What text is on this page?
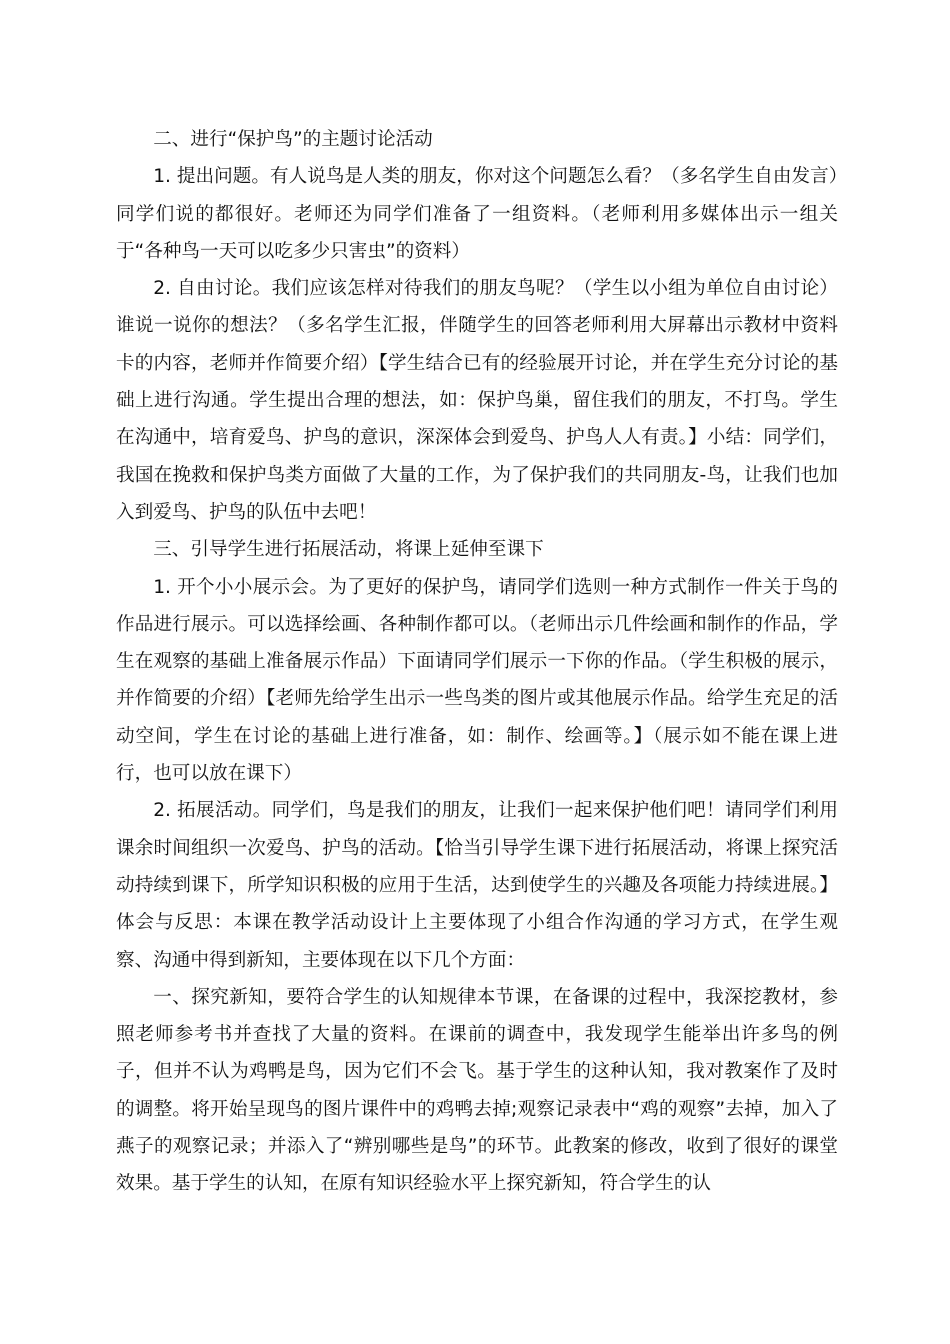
二、进行“保护鸟”的主题讨论活动

1. 提出问题。有人说鸟是人类的朋友，你对这个问题怎么看？（多名学生自由发言）同学们说的都很好。老师还为同学们准备了一组资料。（老师利用多媒体出示一组关于“各种鸟一天可以吃多少只害虫”的资料）

2. 自由讨论。我们应该怎样对待我们的朋友鸟呢？（学生以小组为单位自由讨论）谁说一说你的想法？（多名学生汇报，伴随学生的回答老师利用大屏幕出示教材中资料卡的内容，老师并作简要介绍）【学生结合已有的经验展开讨论，并在学生充分讨论的基础上进行沟通。学生提出合理的想法，如：保护鸟巢，留住我们的朋友，不打鸟。学生在沟通中，培育爱鸟、护鸟的意识，深深体会到爱鸟、护鸟人人有责。】小结：同学们，我国在挽救和保护鸟类方面做了大量的工作，为了保护我们的共同朋友-鸟，让我们也加入到爱鸟、护鸟的队伍中去吧！

三、引导学生进行拓展活动，将课上延伸至课下

1. 开个小小展示会。为了更好的保护鸟，请同学们选则一种方式制作一件关于鸟的作品进行展示。可以选择绘画、各种制作都可以。（老师出示几件绘画和制作的作品，学生在观察的基础上准备展示作品）下面请同学们展示一下你的作品。（学生积极的展示，并作简要的介绍）【老师先给学生出示一些鸟类的图片或其他展示作品。给学生充足的活动空间，学生在讨论的基础上进行准备，如：制作、绘画等。】（展示如不能在课上进行，也可以放在课下）

2. 拓展活动。同学们，鸟是我们的朋友，让我们一起来保护他们吧！请同学们利用课余时间组织一次爱鸟、护鸟的活动。【恰当引导学生课下进行拓展活动，将课上探究活动持续到课下，所学知识积极的应用于生活，达到使学生的兴趣及各项能力持续进展。】体会与反思：本课在教学活动设计上主要体现了小组合作沟通的学习方式，在学生观察、沟通中得到新知，主要体现在以下几个方面：

一、探究新知，要符合学生的认知规律本节课，在备课的过程中，我深挖教材，参照老师参考书并查找了大量的资料。在课前的调查中，我发现学生能举出许多鸟的例子，但并不认为鸡鸭是鸟，因为它们不会飞。基于学生的这种认知，我对教案作了及时的调整。将开始呈现鸟的图片课件中的鸡鸭去掉;观察记录表中“鸡的观察”去掉，加入了燕子的观察记录；并添入了“辨别哪些是鸟”的环节。此教案的修改，收到了很好的课堂效果。基于学生的认知，在原有知识经验水平上探究新知，符合学生的认
